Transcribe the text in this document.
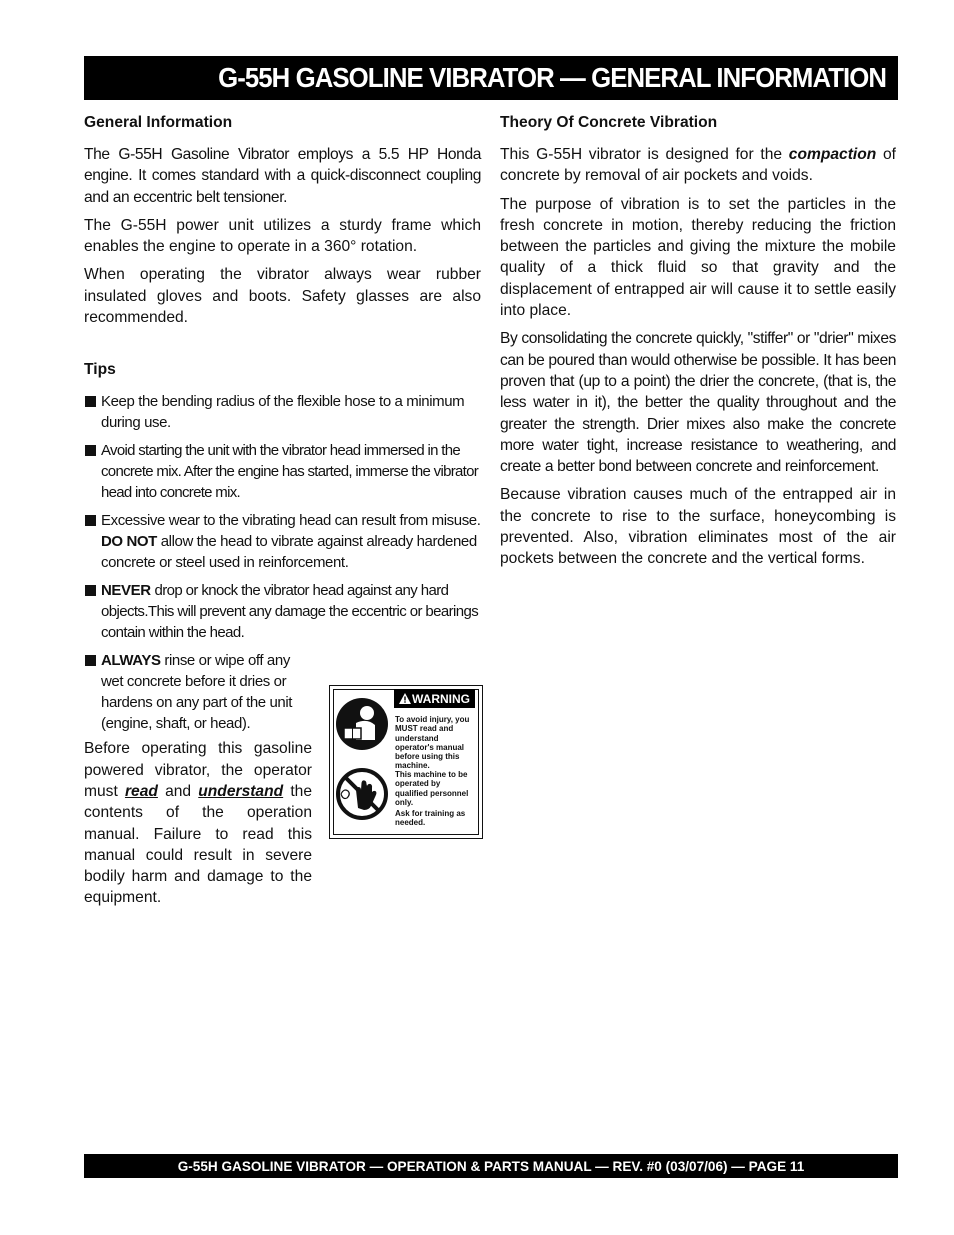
G-55H GASOLINE VIBRATOR — GENERAL INFORMATION
General Information

The G-55H Gasoline Vibrator employs a 5.5 HP Honda engine. It comes standard with a quick-disconnect coupling and an eccentric belt tensioner.

The G-55H power unit utilizes a sturdy frame which enables the engine to operate in a 360° rotation.

When operating the vibrator always wear rubber insulated gloves and boots. Safety glasses are also recommended.

Tips
Keep the bending radius of the flexible hose to a minimum during use.
Avoid starting the unit with the vibrator head immersed in the concrete mix. After the engine has started, immerse the vibrator head into concrete mix.
Excessive wear to the vibrating head can result from misuse. DO NOT allow the head to vibrate against already hardened concrete or steel used in reinforcement.
NEVER drop or knock the vibrator head against any hard objects.This will prevent any damage the eccentric or bearings contain within the head.
ALWAYS rinse or wipe off any wet concrete before it dries or hardens on any part of the unit
(engine, shaft, or head).

Before operating this gasoline powered vibrator, the operator must read and understand the contents of the operation manual. Failure to read this manual could result in severe bodily harm and damage to the equipment.

WARNING
To avoid injury, you MUST read and understand operator's manual before using this machine.
This machine to be operated by qualified personnel only.
Ask for training as needed.
Theory Of Concrete Vibration

This G-55H vibrator is designed for the compaction of concrete by removal of air pockets and voids.

The purpose of vibration is to set the particles in the fresh concrete in motion, thereby reducing the friction between the particles and giving the mixture the mobile quality of a thick fluid so that gravity and the displacement of entrapped air will cause it to settle easily into place.

By consolidating the concrete quickly, "stiffer" or "drier" mixes can be poured than would otherwise be possible. It has been proven that (up to a point) the drier the concrete, (that is, the less water in it), the better the quality throughout and the greater the strength. Drier mixes also make the concrete more water tight, increase resistance to weathering, and create a better bond between concrete and reinforcement.

Because vibration causes much of the entrapped air in the concrete to rise to the surface, honeycombing is prevented. Also, vibration eliminates most of the air pockets between the concrete and the vertical forms.

G-55H GASOLINE VIBRATOR — OPERATION & PARTS MANUAL — REV. #0 (03/07/06) — PAGE 11
